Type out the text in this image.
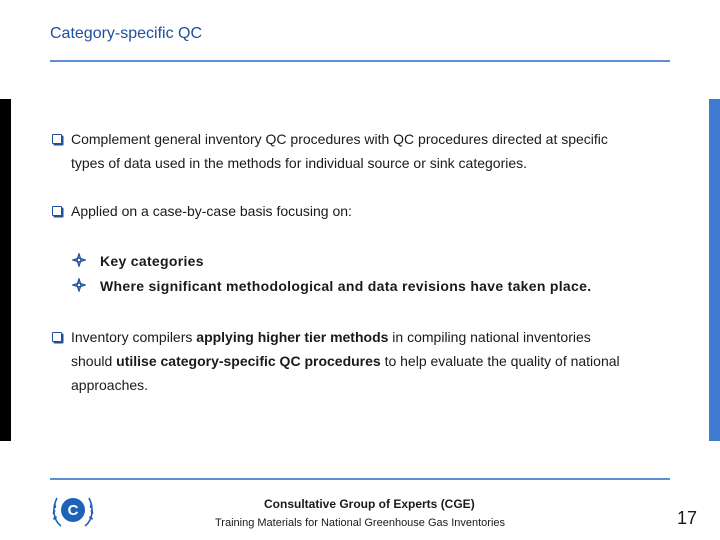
Category-specific QC
Complement general inventory QC procedures with QC procedures directed at specific
types of data used in the methods for individual source or sink categories.
Applied on a case-by-case basis focusing on:
Key categories
Where significant methodological and data revisions have taken place.
Inventory compilers applying higher tier methods in compiling national inventories
should utilise category-specific QC procedures to help evaluate the quality of national
approaches.
C	Consultative Group of Experts (CGE)
Training Materials for National Greenhouse Gas Inventories	17
